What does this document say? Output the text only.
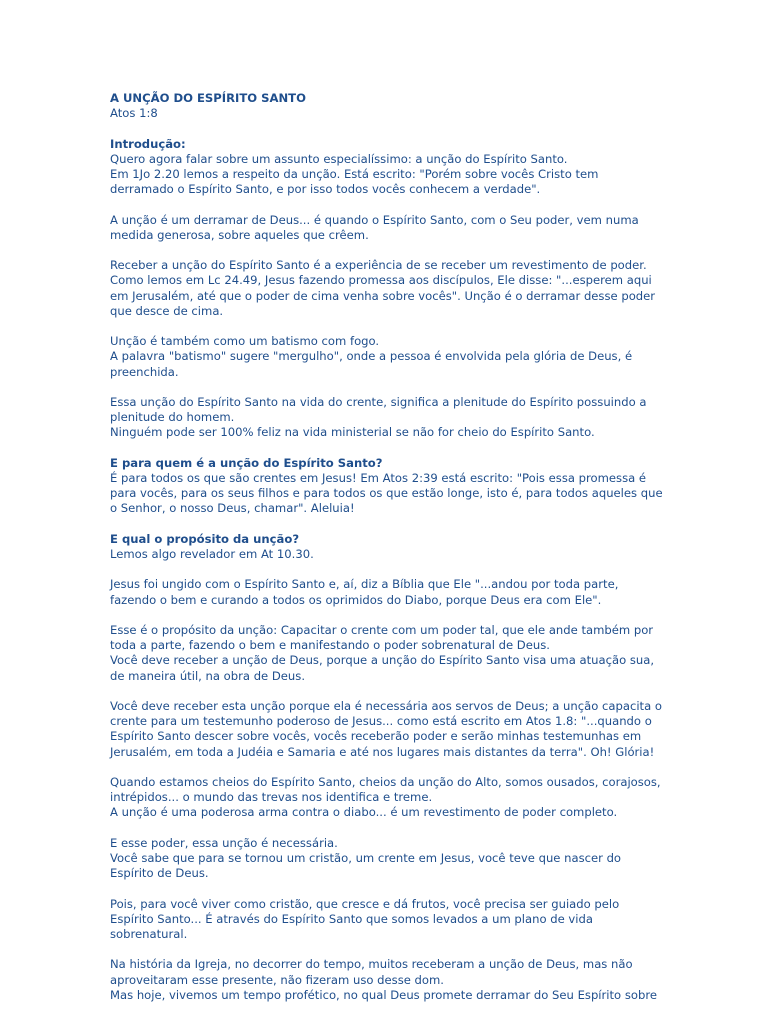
A UNÇÃO DO ESPÍRITO SANTO
Atos 1:8
Introdução:
Quero agora falar sobre um assunto especialíssimo: a unção do Espírito Santo.
Em 1Jo 2.20 lemos a respeito da unção. Está escrito: "Porém sobre vocês Cristo tem
derramado o Espírito Santo, e por isso todos vocês conhecem a verdade".
A unção é um derramar de Deus... é quando o Espírito Santo, com o Seu poder, vem numa
medida generosa, sobre aqueles que crêem.
Receber a unção do Espírito Santo é a experiência de se receber um revestimento de poder.
Como lemos em Lc 24.49, Jesus fazendo promessa aos discípulos, Ele disse: "...esperem aqui
em Jerusalém, até que o poder de cima venha sobre vocês". Unção é o derramar desse poder
que desce de cima.
Unção é também como um batismo com fogo.
A palavra "batismo" sugere "mergulho", onde a pessoa é envolvida pela glória de Deus, é
preenchida.
Essa unção do Espírito Santo na vida do crente, significa a plenitude do Espírito possuindo a
plenitude do homem.
Ninguém pode ser 100% feliz na vida ministerial se não for cheio do Espírito Santo.
E para quem é a unção do Espírito Santo?
É para todos os que são crentes em Jesus! Em Atos 2:39 está escrito: "Pois essa promessa é
para vocês, para os seus filhos e para todos os que estão longe, isto é, para todos aqueles que
o Senhor, o nosso Deus, chamar". Aleluia!
E qual o propósito da unção?
Lemos algo revelador em At 10.30.
Jesus foi ungido com o Espírito Santo e, aí, diz a Bíblia que Ele "...andou por toda parte,
fazendo o bem e curando a todos os oprimidos do Diabo, porque Deus era com Ele".
Esse é o propósito da unção: Capacitar o crente com um poder tal, que ele ande também por
toda a parte, fazendo o bem e manifestando o poder sobrenatural de Deus.
Você deve receber a unção de Deus, porque a unção do Espírito Santo visa uma atuação sua,
de maneira útil, na obra de Deus.
Você deve receber esta unção porque ela é necessária aos servos de Deus; a unção capacita o
crente para um testemunho poderoso de Jesus... como está escrito em Atos 1.8: "...quando o
Espírito Santo descer sobre vocês, vocês receberão poder e serão minhas testemunhas em
Jerusalém, em toda a Judéia e Samaria e até nos lugares mais distantes da terra". Oh! Glória!
Quando estamos cheios do Espírito Santo, cheios da unção do Alto, somos ousados, corajosos,
intrépidos... o mundo das trevas nos identifica e treme.
A unção é uma poderosa arma contra o diabo... é um revestimento de poder completo.
E esse poder, essa unção é necessária.
Você sabe que para se tornou um cristão, um crente em Jesus, você teve que nascer do
Espírito de Deus.
Pois, para você viver como cristão, que cresce e dá frutos, você precisa ser guiado pelo
Espírito Santo... É através do Espírito Santo que somos levados a um plano de vida
sobrenatural.
Na história da Igreja, no decorrer do tempo, muitos receberam a unção de Deus, mas não
aproveitaram esse presente, não fizeram uso desse dom.
Mas hoje, vivemos um tempo profético, no qual Deus promete derramar do Seu Espírito sobre
